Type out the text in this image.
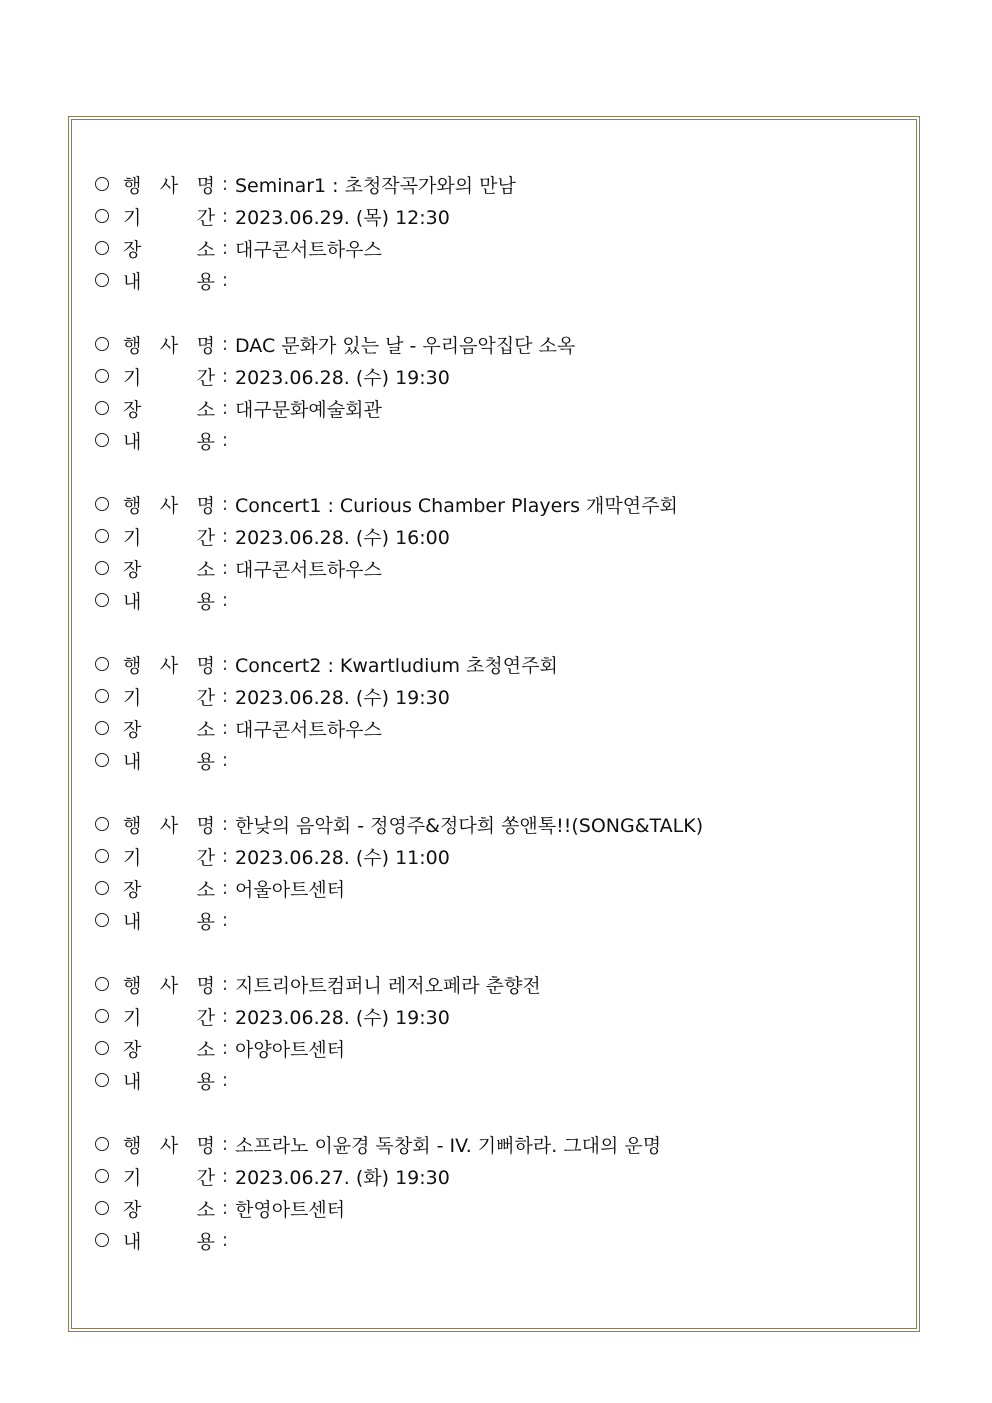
행 사 명 : Seminar1 : 초청작곡가와의 만남
기	간 : 2023.06.29. (목) 12:30
장	소 : 대구콘서트하우스
내	용 :
행 사 명 : DAC 문화가 있는 날 - 우리음악집단 소옥
기	간 : 2023.06.28. (수) 19:30
장	소 : 대구문화예술회관
내	용 :
행 사 명 : Concert1 : Curious Chamber Players 개막연주회
기	간 : 2023.06.28. (수) 16:00
장	소 : 대구콘서트하우스
내	용 :
행 사 명 : Concert2 : Kwartludium 초청연주회
기	간 : 2023.06.28. (수) 19:30
장	소 : 대구콘서트하우스
내	용 :
행 사 명 : 한낮의 음악회 - 정영주&정다희 쏭앤톡!!(SONG&TALK)
기	간 : 2023.06.28. (수) 11:00
장	소 : 어울아트센터
내	용 :
행 사 명 : 지트리아트컴퍼니 레저오페라 춘향전
기	간 : 2023.06.28. (수) 19:30
장	소 : 아양아트센터
내	용 :
행 사 명 : 소프라노 이윤경 독창회 - IV. 기뻐하라. 그대의 운명
기	간 : 2023.06.27. (화) 19:30
장	소 : 한영아트센터
내	용 :
